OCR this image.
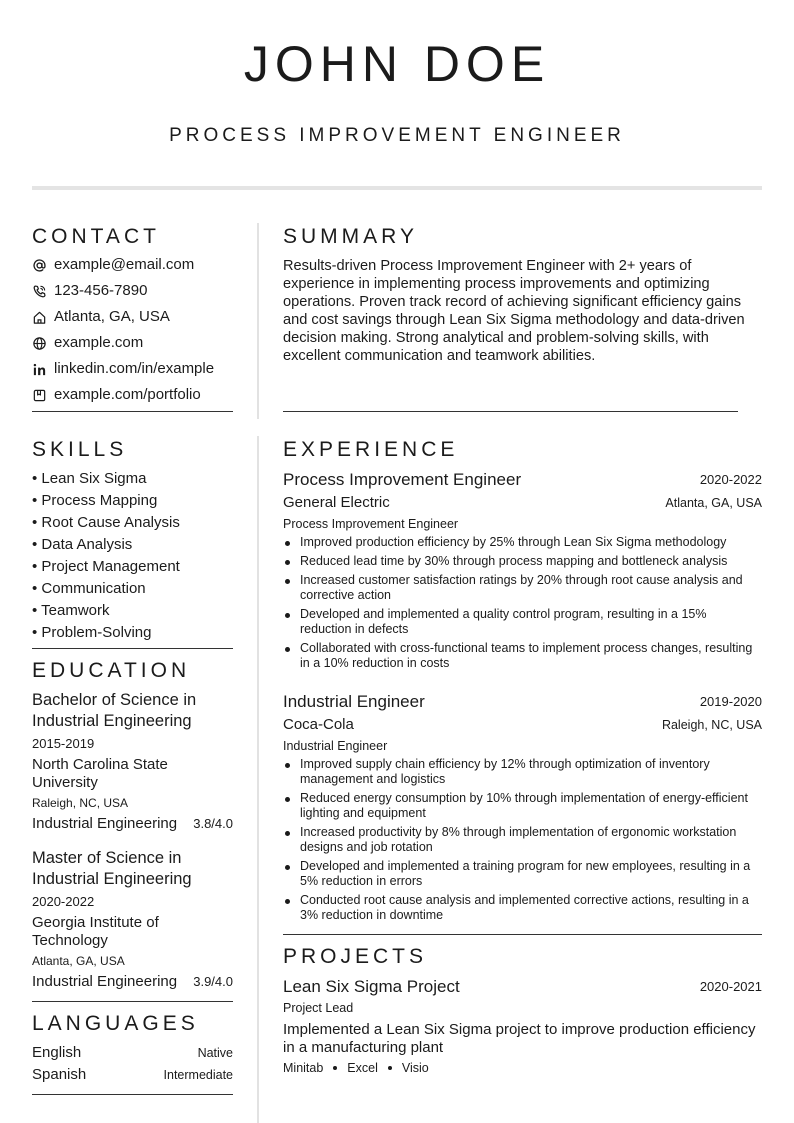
JOHN DOE
PROCESS IMPROVEMENT ENGINEER
CONTACT
example@email.com
123-456-7890
Atlanta, GA, USA
example.com
linkedin.com/in/example
example.com/portfolio
SKILLS
• Lean Six Sigma
• Process Mapping
• Root Cause Analysis
• Data Analysis
• Project Management
• Communication
• Teamwork
• Problem-Solving
EDUCATION
Bachelor of Science in Industrial Engineering
2015-2019
North Carolina State University
Raleigh, NC, USA
Industrial Engineering 3.8/4.0
Master of Science in Industrial Engineering
2020-2022
Georgia Institute of Technology
Atlanta, GA, USA
Industrial Engineering 3.9/4.0
LANGUAGES
English	Native
Spanish	Intermediate
SUMMARY
Results-driven Process Improvement Engineer with 2+ years of experience in implementing process improvements and optimizing operations. Proven track record of achieving significant efficiency gains and cost savings through Lean Six Sigma methodology and data-driven decision making. Strong analytical and problem-solving skills, with excellent communication and teamwork abilities.
EXPERIENCE
Process Improvement Engineer	2020-2022
General Electric	Atlanta, GA, USA
Process Improvement Engineer
Improved production efficiency by 25% through Lean Six Sigma methodology
Reduced lead time by 30% through process mapping and bottleneck analysis
Increased customer satisfaction ratings by 20% through root cause analysis and corrective action
Developed and implemented a quality control program, resulting in a 15% reduction in defects
Collaborated with cross-functional teams to implement process changes, resulting in a 10% reduction in costs
Industrial Engineer	2019-2020
Coca-Cola	Raleigh, NC, USA
Industrial Engineer
Improved supply chain efficiency by 12% through optimization of inventory management and logistics
Reduced energy consumption by 10% through implementation of energy-efficient lighting and equipment
Increased productivity by 8% through implementation of ergonomic workstation designs and job rotation
Developed and implemented a training program for new employees, resulting in a 5% reduction in errors
Conducted root cause analysis and implemented corrective actions, resulting in a 3% reduction in downtime
PROJECTS
Lean Six Sigma Project	2020-2021
Project Lead
Implemented a Lean Six Sigma project to improve production efficiency in a manufacturing plant
Minitab Excel Visio
